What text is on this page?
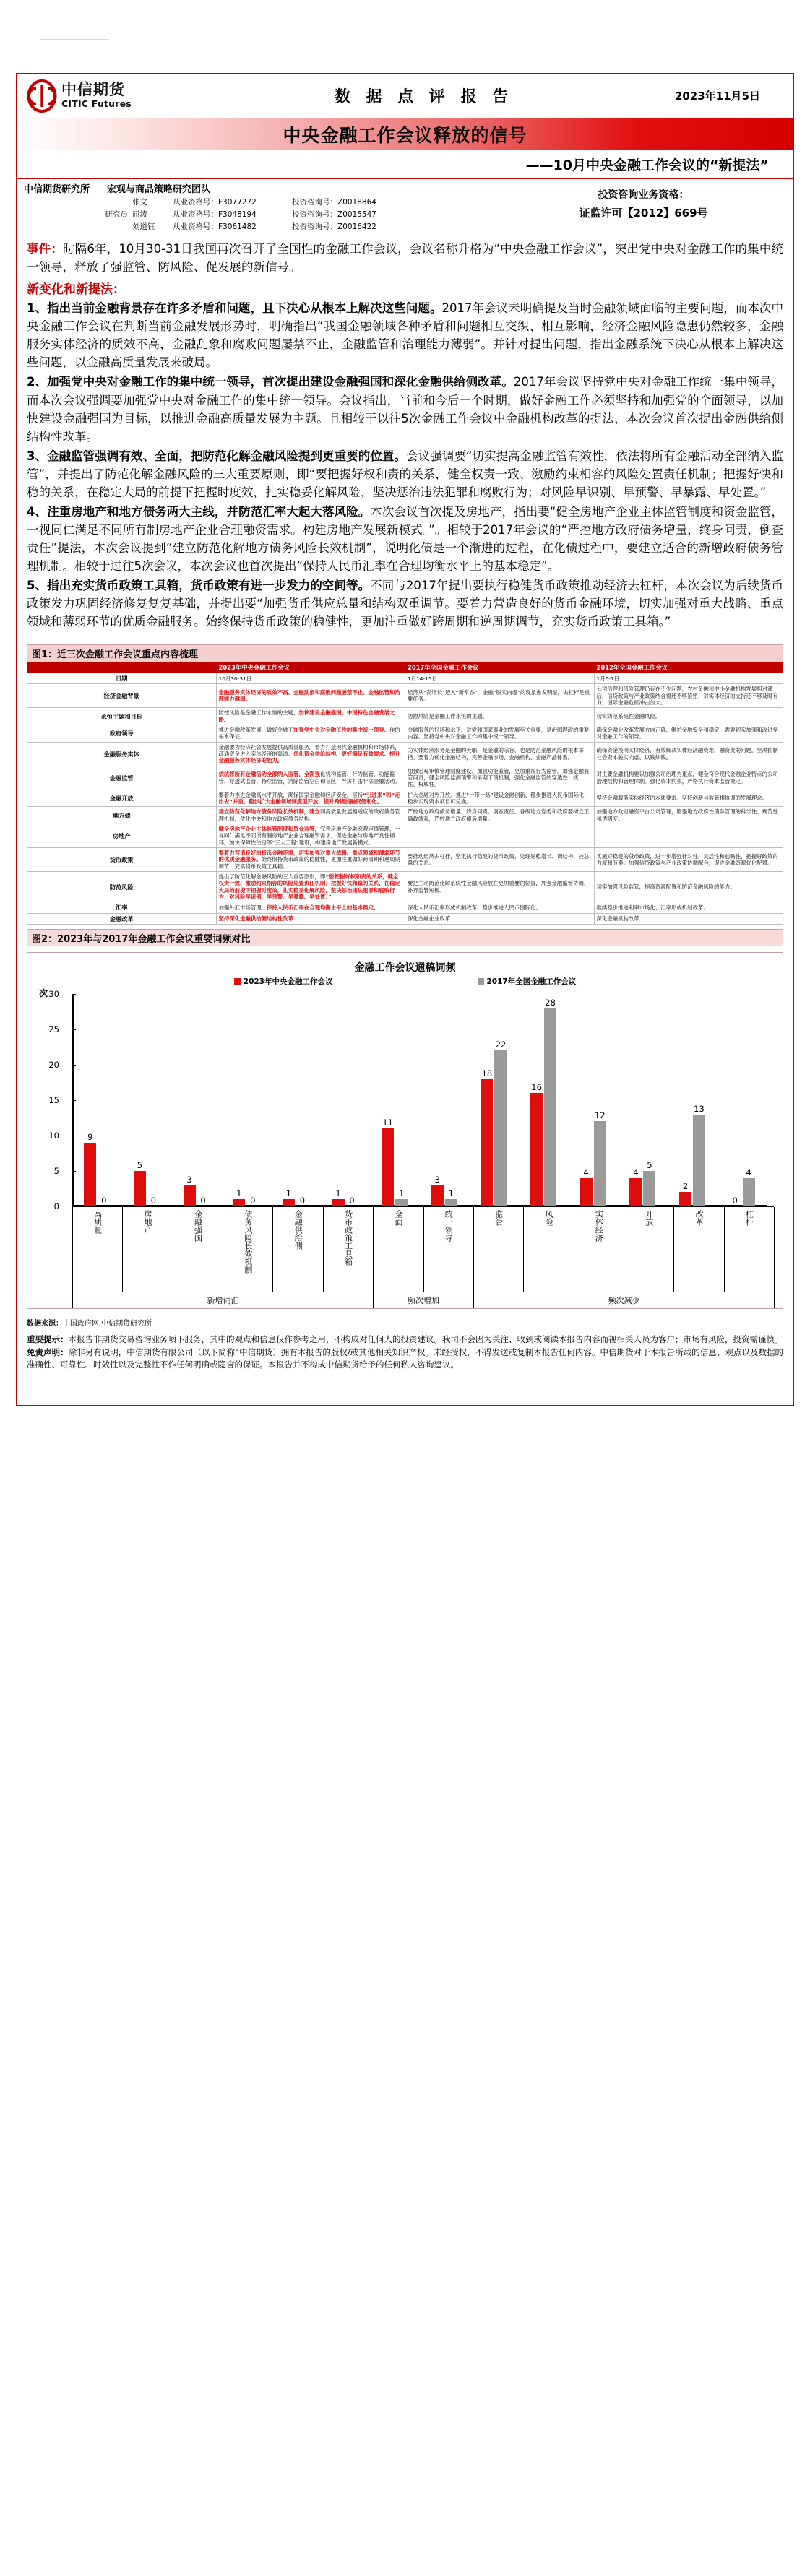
中信期货
CITIC Futures	数 据 点 评 报 告	2023年11月5日
中央金融工作会议释放的信号
——10月中央金融工作会议的“新提法”
中信期货研究所 宏观与商品策略研究团队
张文	从业资格号：F3077272	投资咨询号：Z0018864
研究员 屈涛	从业资格号：F3048194	投资咨询号：Z0015547
刘道钰	从业资格号：F3061482	投资咨询号：Z0016422
投资咨询业务资格：
证监许可【2012】669号

事件：时隔6年，10月30-31日我国再次召开了全国性的金融工作会议，会议名称升格为“中央金融工作会议”，突出党中央对金融工作的集中统一领导，释放了强监管、防风险、促发展的新信号。

新变化和新提法：

1、指出当前金融背景存在许多矛盾和问题，且下决心从根本上解决这些问题。2017年会议未明确提及当时金融领域面临的主要问题，而本次中央金融工作会议在判断当前金融发展形势时，明确指出“我国金融领域各种矛盾和问题相互交织、相互影响，经济金融风险隐患仍然较多，金融服务实体经济的质效不高，金融乱象和腐败问题屡禁不止，金融监管和治理能力薄弱”。并针对提出问题，指出金融系统下决心从根本上解决这些问题，以金融高质量发展来破局。

2、加强党中央对金融工作的集中统一领导，首次提出建设金融强国和深化金融供给侧改革。2017年会议坚持党中央对金融工作统一集中领导，而本次会议强调要加强党中央对金融工作的集中统一领导。会议指出，当前和今后一个时期，做好金融工作必须坚持和加强党的全面领导，以加快建设金融强国为目标，以推进金融高质量发展为主题。且相较于以往5次金融工作会议中金融机构改革的提法，本次会议首次提出金融供给侧结构性改革。

3、金融监管强调有效、全面，把防范化解金融风险提到更重要的位置。会议强调要“切实提高金融监管有效性，依法将所有金融活动全部纳入监管”，并提出了防范化解金融风险的三大重要原则，即“要把握好权和责的关系，健全权责一致、激励约束相容的风险处置责任机制；把握好快和稳的关系，在稳定大局的前提下把握时度效，扎实稳妥化解风险，坚决惩治违法犯罪和腐败行为；对风险早识别、早预警、早暴露、早处置。”

4、注重房地产和地方债务两大主线，并防范汇率大起大落风险。本次会议首次提及房地产，指出要“健全房地产企业主体监管制度和资金监管，一视同仁满足不同所有制房地产企业合理融资需求。构建房地产发展新模式。”。相较于2017年会议的“严控地方政府债务增量，终身问责，倒查责任”提法，本次会议提到“建立防范化解地方债务风险长效机制”，说明化债是一个渐进的过程，在化债过程中，要建立适合的新增政府债务管理机制。相较于过往5次会议，本次会议也首次提出“保持人民币汇率在合理均衡水平上的基本稳定”。

5、指出充实货币政策工具箱，货币政策有进一步发力的空间等。不同与2017年提出要执行稳健货币政策推动经济去杠杆，本次会议为后续货币政策发力巩固经济修复复复基础，并提出要“加强货币供应总量和结构双重调节。要着力营造良好的货币金融环境，切实加强对重大战略、重点领域和薄弱环节的优质金融服务。始终保持货币政策的稳健性，更加注重做好跨周期和逆周期调节，充实货币政策工具箱。”

图1：近三次金融工作会议重点内容梳理
	2023年中央金融工作会议	2017年全国金融工作会议	2012年全国金融工作会议
日期	10月30-31日	7月14-15日	1月6-7日
经济金融背景	金融服务实体经济的质效不高、金融乱象和腐败问题屡禁不止、金融监管和治理能力薄弱。	经济从“高增长”迈入“新常态”，金融“脱实向虚”的现象愈发明显，去杠杆是重要任务。	公司治理和风险管理仍存在不少问题，农村金融和中小金融机构发展相对滞后，信贷政策与产业政策结合得还不够紧密，对实体经济的支持还不够及时有力，国际金融危机冲击加大。
永恒主题和目标	防控风险是金融工作永恒的主题，加快建设金融强国、中国特色金融发展之路。	防控风险是金融工作永恒的主题。	切实防范系统性金融风险。
政府领导	推进金融改革发展，做好金融工加强党中央对金融工作的集中统一领导。作的根本保证。	金融服务的好坏和水平，对党和国家事业的发展至关重要，是治国理政的重要内容。坚持党中央对金融工作的集中统一领导。	确保金融业改革发展方向正确，维护金融安全和稳定，需要切实加强和改进党对金融工作的领导。
金融服务实体	金融要为经济社会发展提供高质量服务。着力打造现代金融机构和市场体系，疏通资金进入实体经济的渠道。优化资金供给结构、更好满足有效需求、提升金融服务实体经济的能力。	为实体经济服务是金融的天职，是金融的宗旨，也是防范金融风险的根本举措。要着力优化金融结构，完善金融市场、金融机构、金融产品体系。	确保资金投向实体经济，有效解决实体经济融资难、融资贵的问题。坚决抑制社会资本脱实向虚、以钱炒钱。
金融监管	依法将所有金融活动全部纳入监管，全面强化机构监管、行为监管、功能监管、穿透式监管、持续监管，消除监管空白和盲区，严厉打击非法金融活动。	加强宏观审慎管理制度建设，加强功能监管，更加重视行为监管。加强金融监管问责，健全风险监测预警和早期干预机制，强化金融监管的穿透性、统一性、权威性。	对主要金融机构要以加强公司治理为重点，健全符合现代金融企业特点的公司治理结构和管理体制。强化资本约束，严格执行资本监管规定。
金融开放	要着力推进金融高水平开放，确保国家金融和经济安全。坚持“引进来”和“走出去”并重，稳步扩大金融领域制度型开放，提升跨境投融资便利化。	扩大金融对外开放。推进“一带一路”建设金融创新，稳步推进人民币国际化，稳步实现资本项目可兑换。	坚持金融服务实体经济的本质要求。坚持创新与监管相协调的发展理念。
地方债	建立防范化解地方债务风险长效机制，建立同高质量发展相适应的政府债务管理机制，优化中央和地方政府债务结构。	严控地方政府债务增量，终身问责，倒查责任。各级地方党委和政府要树立正确政绩观，严控地方政府债务增量。	加强地方政府融资平台公司管理，增强地方政府性债务管理的科学性、规范性和透明度。
房地产	健全房地产企业主体监管制度和资金监管，完善房地产金融宏观审慎管理，一视同仁满足不同所有制房地产企业合理融资需求，促进金融与房地产良性循环。加快保障性住房等“三大工程”建设，构建房地产发展新模式。		
货币政策	要着力营造良好的货币金融环境，切实加强对重大战略、重点领域和薄弱环节的优质金融服务。始终保持货币政策的稳健性，更加注重做好跨周期和逆周期调节，充实货币政策工具箱。	要推动经济去杠杆，坚定执行稳健的货币政策，处理好稳增长、调结构、控总量的关系。	实施好稳健的货币政策，进一步增强针对性、灵活性和前瞻性，把握好政策的力度和节奏。加强信贷政策与产业政策协调配合，促进金融资源优化配置。
防范风险	提出了防范化解金融风险的三大重要原则，即“要把握好权和责的关系，健全权责一致、激励约束相容的风险处置责任机制；把握好快和稳的关系，在稳定大局的前提下把握时度效，扎实稳妥化解风险，坚决惩治违法犯罪和腐败行为；对风险早识别、早预警、早暴露、早处置。”	要把主动防范化解系统性金融风险放在更加重要的位置，加强金融监管协调，补齐监管短板。	切实加强风险监管，提高资源配置和防范金融风险的能力。
汇率	加强外汇市场管理，保持人民币汇率在合理均衡水平上的基本稳定。	深化人民币汇率形成机制改革，稳步推进人民币国际化。	继续稳步推进利率市场化、汇率形成机制改革。
金融改革	坚持深化金融供给侧结构性改革	深化金融企业改革	深化金融机构改革
图2：2023年与2017年金融工作会议重要词频对比
金融工作会议通稿词频
2023年中央金融工作会议	2017年全国金融工作会议
次
0
5
10
15
20
25
30
9
0
5
0
3
0
1
0
1
0
1
0
11
1
3
1
18
22
16
28
4
12
4
5
2
13
0
4
高质量	房地产	金融强国	债务风险长效机制	金融供给侧	货币政策工具箱	全面	统一领导	监管	风险	实体经济	开放	改革	杠杆
新增词汇	频次增加	频次减少
数据来源：中国政府网 中信期货研究所

重要提示：本报告非期货交易咨询业务项下服务，其中的观点和信息仅作参考之用，不构成对任何人的投资建议。我司不会因为关注、收到或阅读本报告内容而视相关人员为客户；市场有风险，投资需谨慎。

免责声明：除非另有说明，中信期货有限公司（以下简称“中信期货）拥有本报告的版权/或其他相关知识产权。未经授权，不得发送或复制本报告任何内容。中信期货对于本报告所载的信息、观点以及数据的准确性、可靠性、时效性以及完整性不作任何明确或隐含的保证。本报告并不构成中信期货给予的任何私人咨询建议。
